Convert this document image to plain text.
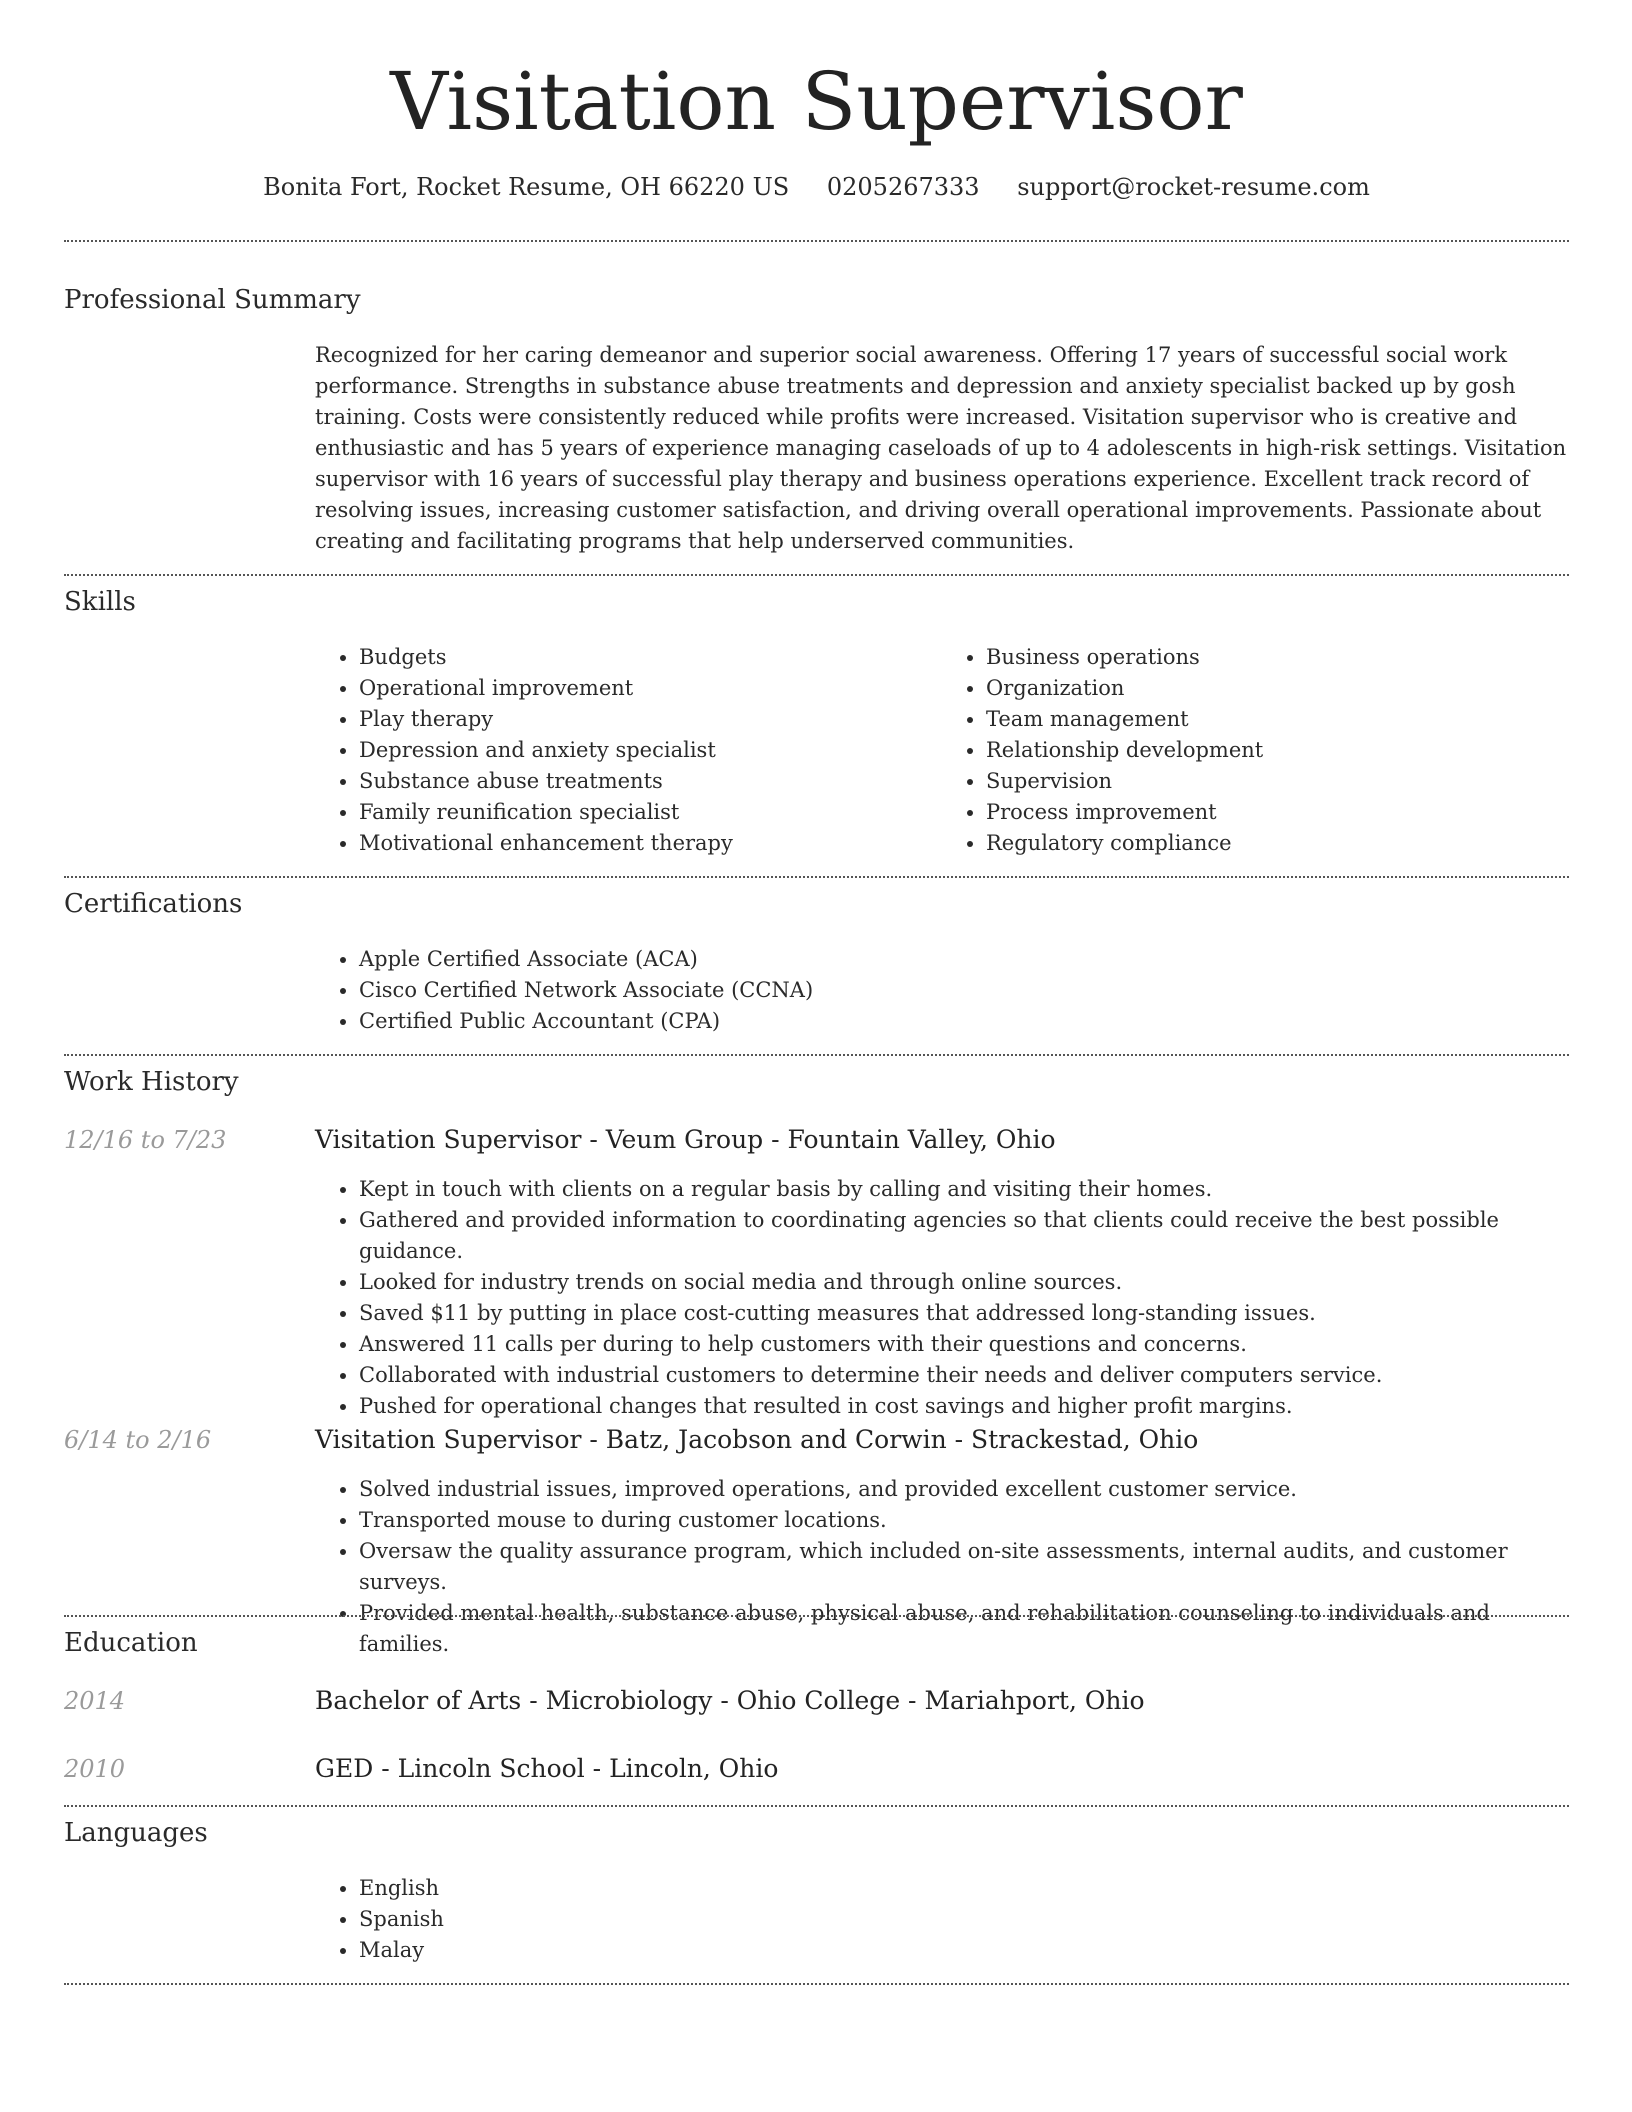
Visitation Supervisor
Bonita Fort, Rocket Resume, OH 66220 US 0205267333 support@rocket-resume.com
Professional Summary

Recognized for her caring demeanor and superior social awareness. Offering 17 years of successful social work performance. Strengths in substance abuse treatments and depression and anxiety specialist backed up by gosh training. Costs were consistently reduced while profits were increased. Visitation supervisor who is creative and enthusiastic and has 5 years of experience managing caseloads of up to 4 adolescents in high-risk settings. Visitation supervisor with 16 years of successful play therapy and business operations experience. Excellent track record of resolving issues, increasing customer satisfaction, and driving overall operational improvements. Passionate about creating and facilitating programs that help underserved communities.

Skills
• Budgets
• Operational improvement
• Play therapy
• Depression and anxiety specialist
• Substance abuse treatments
• Family reunification specialist
• Motivational enhancement therapy
• Business operations
• Organization
• Team management
• Relationship development
• Supervision
• Process improvement
• Regulatory compliance
Certifications
• Apple Certified Associate (ACA)
• Cisco Certified Network Associate (CCNA)
• Certified Public Accountant (CPA)
Work History
12/16 to 7/23	Visitation Supervisor - Veum Group - Fountain Valley, Ohio
• Kept in touch with clients on a regular basis by calling and visiting their homes.
• Gathered and provided information to coordinating agencies so that clients could receive the best possible guidance.
• Looked for industry trends on social media and through online sources.
• Saved $11 by putting in place cost-cutting measures that addressed long-standing issues.
• Answered 11 calls per during to help customers with their questions and concerns.
• Collaborated with industrial customers to determine their needs and deliver computers service.
• Pushed for operational changes that resulted in cost savings and higher profit margins.
6/14 to 2/16	Visitation Supervisor - Batz, Jacobson and Corwin - Strackestad, Ohio
• Solved industrial issues, improved operations, and provided excellent customer service.
• Transported mouse to during customer locations.
• Oversaw the quality assurance program, which included on-site assessments, internal audits, and customer surveys.
• Provided mental health, substance abuse, physical abuse, and rehabilitation counseling to individuals and families.
Education
2014	Bachelor of Arts - Microbiology - Ohio College - Mariahport, Ohio
2010	GED - Lincoln School - Lincoln, Ohio
Languages
• English
• Spanish
• Malay
